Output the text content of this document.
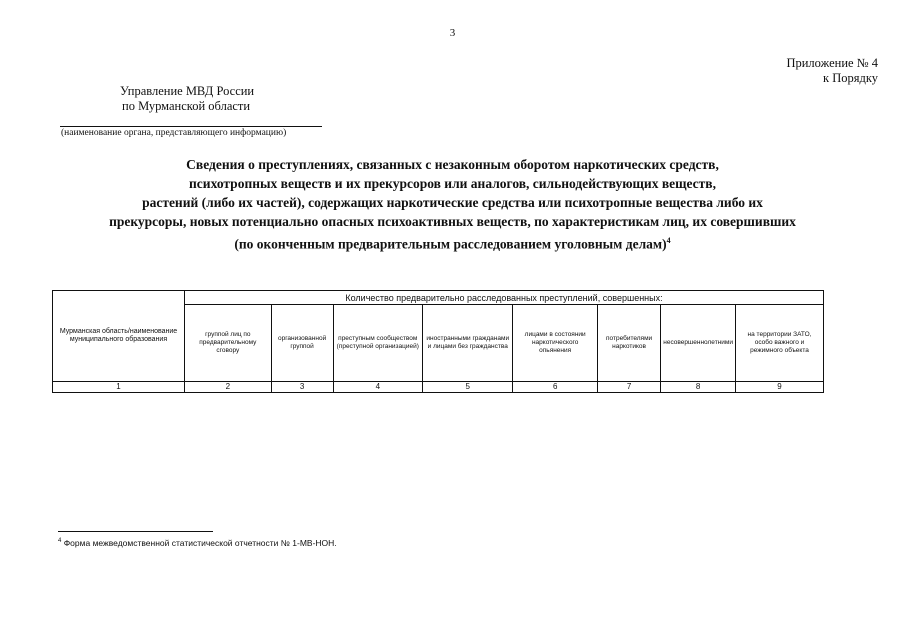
3
Приложение № 4
к Порядку
Управление МВД России
по Мурманской области
(наименование органа, представляющего информацию)
Сведения о преступлениях, связанных с незаконным оборотом наркотических средств,
психотропных веществ и их прекурсоров или аналогов, сильнодействующих веществ,
растений (либо их частей), содержащих наркотические средства или психотропные вещества либо их
прекурсоры, новых потенциально опасных психоактивных веществ, по характеристикам лиц, их совершивших
(по оконченным предварительным расследованием уголовным делам)$^4$
Мурманская область/наименование муниципального образования	Количество предварительно расследованных преступлений, совершенных:							
	группой лиц по предварительному сговору	организованной группой	преступным сообществом (преступной организацией)	иностранными гражданами и лицами без гражданства	лицами в состоянии наркотического опьянения	потребителями наркотиков	несовершеннолетними	на территории ЗАТО, особо важного и режимного объекта
1	2	3	4	5	6	7	8	9
$^4$ Форма межведомственной статистической отчетности № 1-МВ-НОН.
